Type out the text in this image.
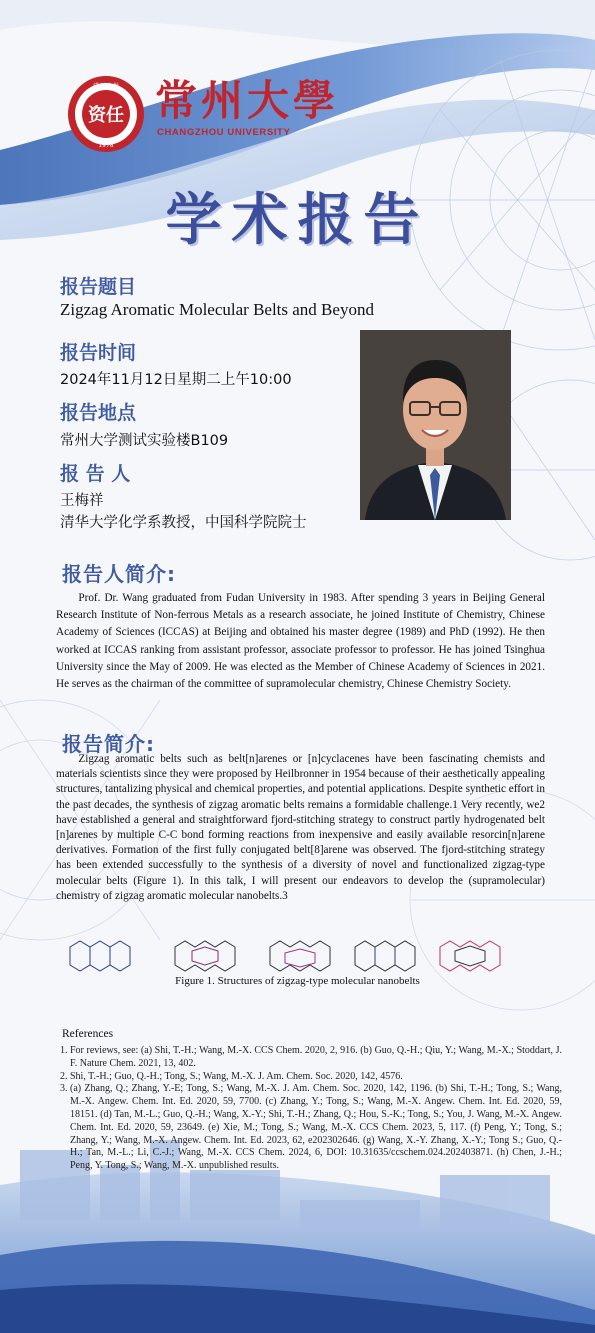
资任
常州大学
1978
常州大學
CHANGZHOU UNIVERSITY
学术报告
报告题目
Zigzag Aromatic Molecular Belts and Beyond
报告时间
2024年11月12日星期二上午10:00
报告地点
常州大学测试实验楼B109
报 告 人
王梅祥
清华大学化学系教授，中国科学院院士
报告人简介:
Prof. Dr. Wang graduated from Fudan University in 1983. After spending 3 years in Beijing General Research Institute of Non-ferrous Metals as a research associate, he joined Institute of Chemistry, Chinese Academy of Sciences (ICCAS) at Beijing and obtained his master degree (1989) and PhD (1992). He then worked at ICCAS ranking from assistant professor, associate professor to professor. He has joined Tsinghua University since the May of 2009. He was elected as the Member of Chinese Academy of Sciences in 2021. He serves as the chairman of the committee of supramolecular chemistry, Chinese Chemistry Society.
报告简介:
Zigzag aromatic belts such as belt[n]arenes or [n]cyclacenes have been fascinating chemists and materials scientists since they were proposed by Heilbronner in 1954 because of their aesthetically appealing structures, tantalizing physical and chemical properties, and potential applications. Despite synthetic effort in the past decades, the synthesis of zigzag aromatic belts remains a formidable challenge.1 Very recently, we2 have established a general and straightforward fjord-stitching strategy to construct partly hydrogenated belt [n]arenes by multiple C-C bond forming reactions from inexpensive and easily available resorcin[n]arene derivatives. Formation of the first fully conjugated belt[8]arene was observed. The fjord-stitching strategy has been extended successfully to the synthesis of a diversity of novel and functionalized zigzag-type molecular belts (Figure 1). In this talk, I will present our endeavors to develop the (supramolecular) chemistry of zigzag aromatic molecular nanobelts.3
Figure 1. Structures of zigzag-type molecular nanobelts
References
1. For reviews, see: (a) Shi, T.-H.; Wang, M.-X. CCS Chem. 2020, 2, 916. (b) Guo, Q.-H.; Qiu, Y.; Wang, M.-X.; Stoddart, J. F. Nature Chem. 2021, 13, 402.
2. Shi, T.-H.; Guo, Q.-H.; Tong, S.; Wang, M.-X. J. Am. Chem. Soc. 2020, 142, 4576.
3. (a) Zhang, Q.; Zhang, Y.-E; Tong, S.; Wang, M.-X. J. Am. Chem. Soc. 2020, 142, 1196. (b) Shi, T.-H.; Tong, S.; Wang, M.-X. Angew. Chem. Int. Ed. 2020, 59, 7700. (c) Zhang, Y.; Tong, S.; Wang, M.-X. Angew. Chem. Int. Ed. 2020, 59, 18151. (d) Tan, M.-L.; Guo, Q.-H.; Wang, X.-Y.; Shi, T.-H.; Zhang, Q.; Hou, S.-K.; Tong, S.; You, J. Wang, M.-X. Angew. Chem. Int. Ed. 2020, 59, 23649. (e) Xie, M.; Tong, S.; Wang, M.-X. CCS Chem. 2023, 5, 117. (f) Peng, Y.; Tong, S.; Zhang, Y.; Wang, M.-X. Angew. Chem. Int. Ed. 2023, 62, e202302646. (g) Wang, X.-Y. Zhang, X.-Y.; Tong S.; Guo, Q.-H.; Tan, M.-L.; Li, C.-J.; Wang, M.-X. CCS Chem. 2024, 6, DOI: 10.31635/ccschem.024.202403871. (h) Chen, J.-H.; Peng, Y. Tong, S.; Wang, M.-X. unpublished results.
